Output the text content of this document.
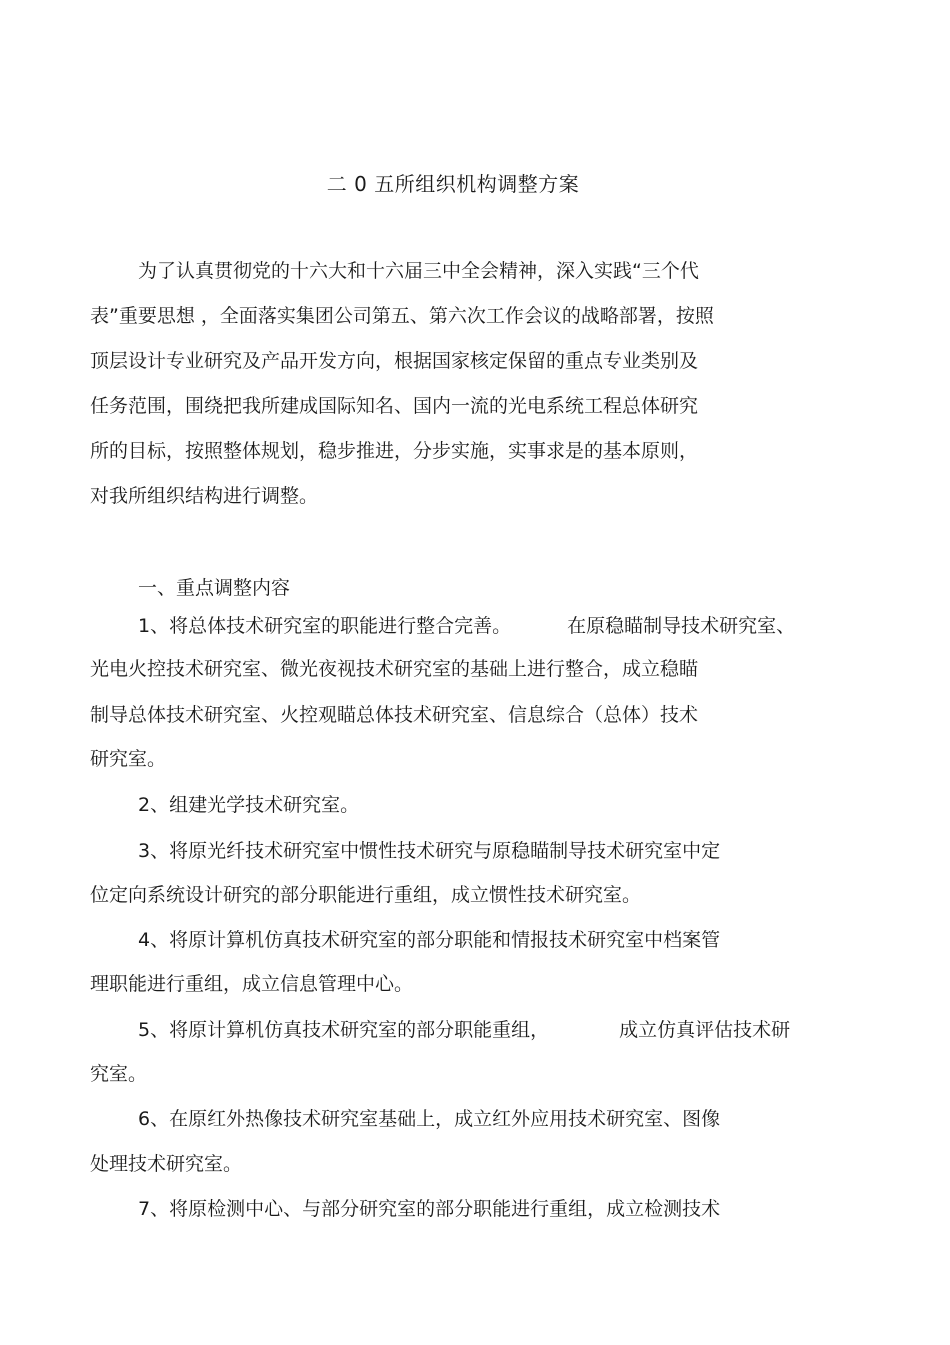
二 0 五所组织机构调整方案
为了认真贯彻党的十六大和十六届三中全会精神，深入实践“三个代
表”重要思想 ，全面落实集团公司第五、第六次工作会议的战略部署，按照
顶层设计专业研究及产品开发方向，根据国家核定保留的重点专业类别及
任务范围，围绕把我所建成国际知名、国内一流的光电系统工程总体研究
所的目标，按照整体规划，稳步推进，分步实施，实事求是的基本原则，
对我所组织结构进行调整。
一、重点调整内容
1、将总体技术研究室的职能进行整合完善。	在原稳瞄制导技术研究室、
光电火控技术研究室、微光夜视技术研究室的基础上进行整合，成立稳瞄
制导总体技术研究室、火控观瞄总体技术研究室、信息综合（总体）技术
研究室。
2、组建光学技术研究室。
3、将原光纤技术研究室中惯性技术研究与原稳瞄制导技术研究室中定
位定向系统设计研究的部分职能进行重组，成立惯性技术研究室。
4、将原计算机仿真技术研究室的部分职能和情报技术研究室中档案管
理职能进行重组，成立信息管理中心。
5、将原计算机仿真技术研究室的部分职能重组，	成立仿真评估技术研
究室。
6、在原红外热像技术研究室基础上，成立红外应用技术研究室、图像
处理技术研究室。
7、将原检测中心、与部分研究室的部分职能进行重组，成立检测技术
